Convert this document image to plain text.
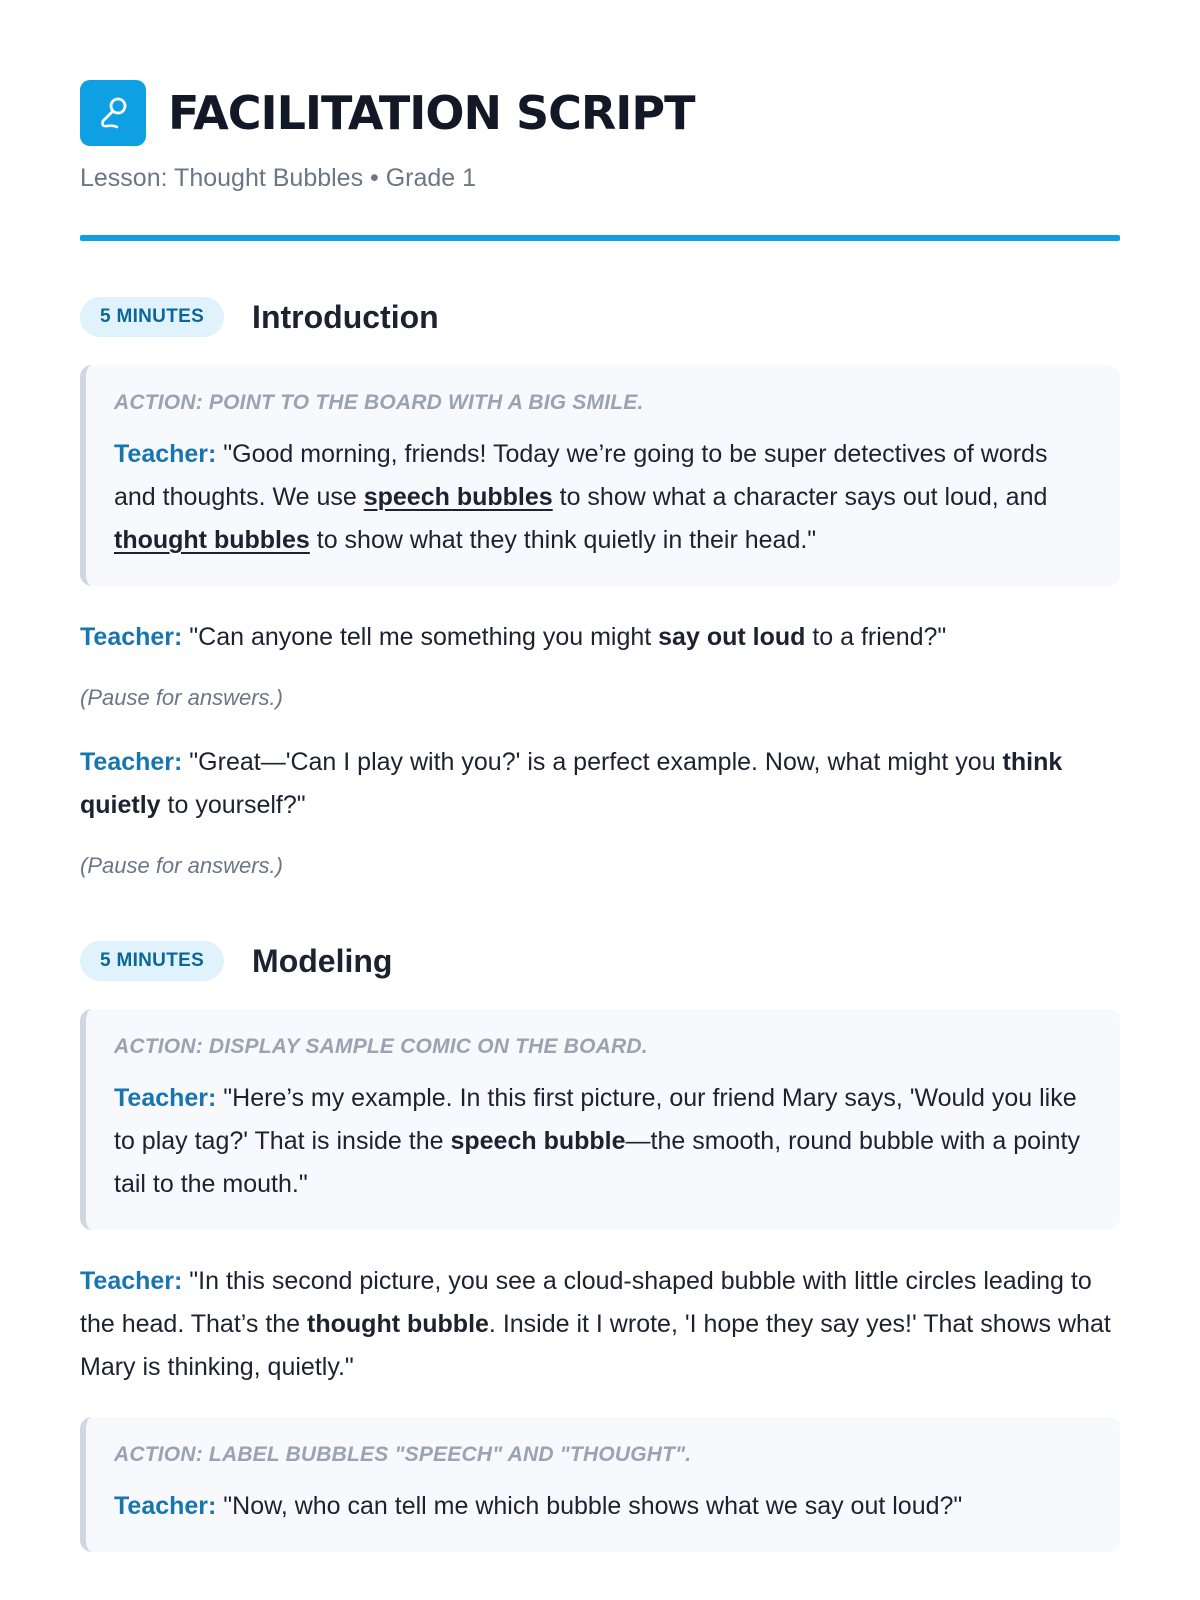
FACILITATION SCRIPT
Lesson: Thought Bubbles • Grade 1
5 MINUTES	Introduction
ACTION: POINT TO THE BOARD WITH A BIG SMILE.
Teacher: "Good morning, friends! Today we’re going to be super detectives of words and thoughts. We use speech bubbles to show what a character says out loud, and thought bubbles to show what they think quietly in their head."
Teacher: "Can anyone tell me something you might say out loud to a friend?"
(Pause for answers.)
Teacher: "Great—'Can I play with you?' is a perfect example. Now, what might you think quietly to yourself?"
(Pause for answers.)
5 MINUTES	Modeling
ACTION: DISPLAY SAMPLE COMIC ON THE BOARD.
Teacher: "Here’s my example. In this first picture, our friend Mary says, 'Would you like to play tag?' That is inside the speech bubble—the smooth, round bubble with a pointy tail to the mouth."
Teacher: "In this second picture, you see a cloud-shaped bubble with little circles leading to the head. That’s the thought bubble. Inside it I wrote, 'I hope they say yes!' That shows what Mary is thinking, quietly."
ACTION: LABEL BUBBLES "SPEECH" AND "THOUGHT".
Teacher: "Now, who can tell me which bubble shows what we say out loud?"
